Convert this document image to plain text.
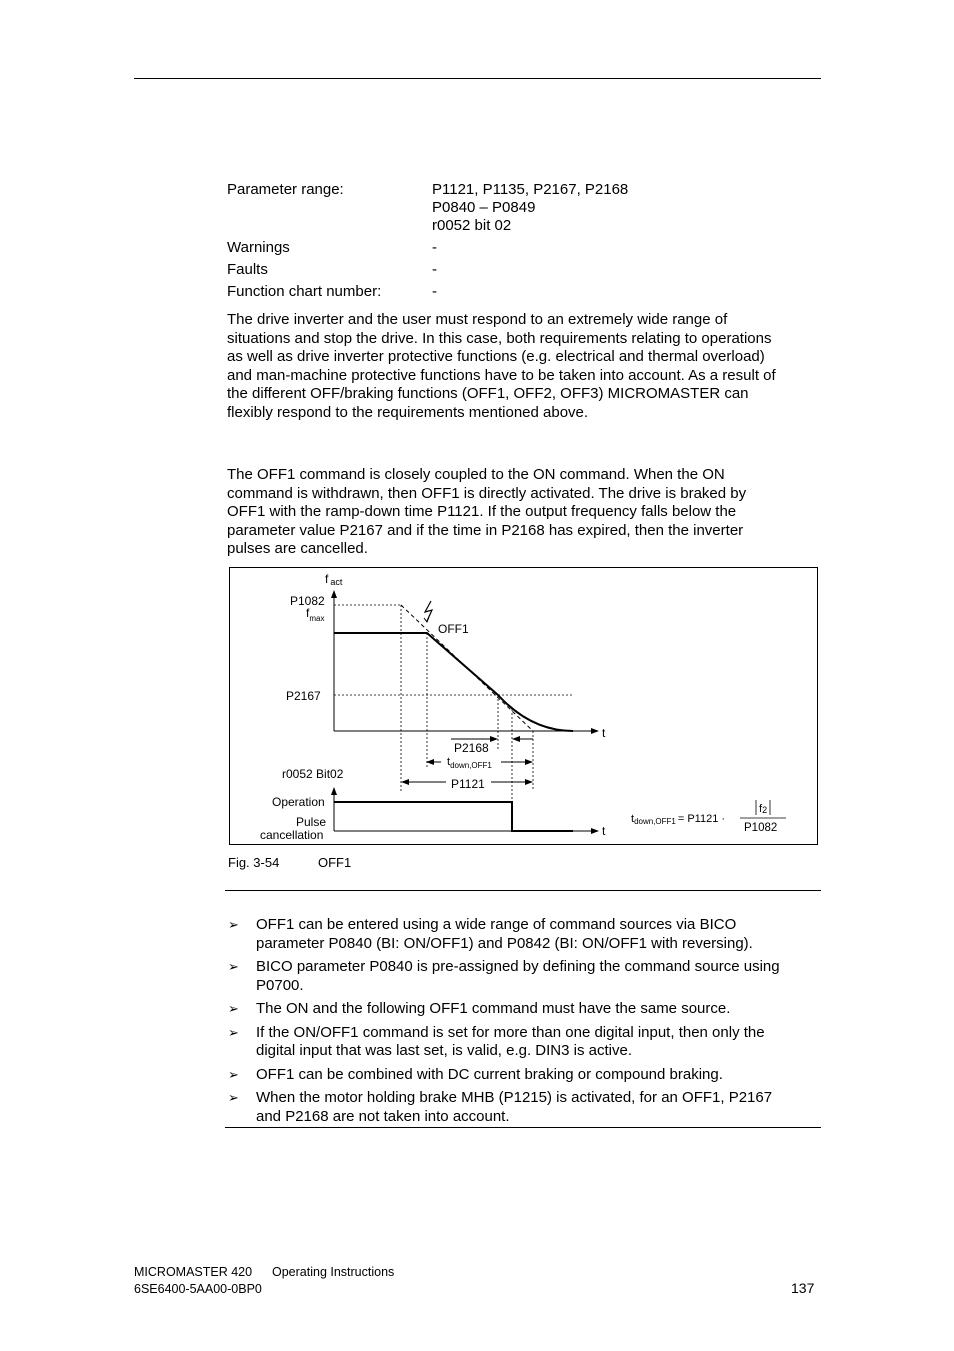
Parameter range:	P1121, P1135, P2167, P2168
P0840 – P0849
r0052 bit 02
Warnings	-
Faults	-
Function chart number:	-
The drive inverter and the user must respond to an extremely wide range of
situations and stop the drive. In this case, both requirements relating to operations
as well as drive inverter protective functions (e.g. electrical and thermal overload)
and man-machine protective functions have to be taken into account. As a result of
the different OFF/braking functions (OFF1, OFF2, OFF3) MICROMASTER can
flexibly respond to the requirements mentioned above.
The OFF1 command is closely coupled to the ON command. When the ON
command is withdrawn, then OFF1 is directly activated. The drive is braked by
OFF1 with the ramp-down time P1121. If the output frequency falls below the
parameter value P2167 and if the time in P2168 has expired, then the inverter
pulses are cancelled.
f act
P1082
$f_{max}$
OFF1
P2167
t
P2168
$t_{down,OFF1}$
P1121
r0052 Bit02
Operation
Pulse
cancellation	t
tdown,OFF1 = P1121 ·
f2
P1082
Fig. 3-54	OFF1
➢ OFF1 can be entered using a wide range of command sources via BICO
parameter P0840 (BI: ON/OFF1) and P0842 (BI: ON/OFF1 with reversing).
➢ BICO parameter P0840 is pre-assigned by defining the command source using
P0700.
➢ The ON and the following OFF1 command must have the same source.
➢ If the ON/OFF1 command is set for more than one digital input, then only the
digital input that was last set, is valid, e.g. DIN3 is active.
➢ OFF1 can be combined with DC current braking or compound braking.
➢ When the motor holding brake MHB (P1215) is activated, for an OFF1, P2167
and P2168 are not taken into account.
MICROMASTER 420 Operating Instructions
6SE6400-5AA00-0BP0	137
